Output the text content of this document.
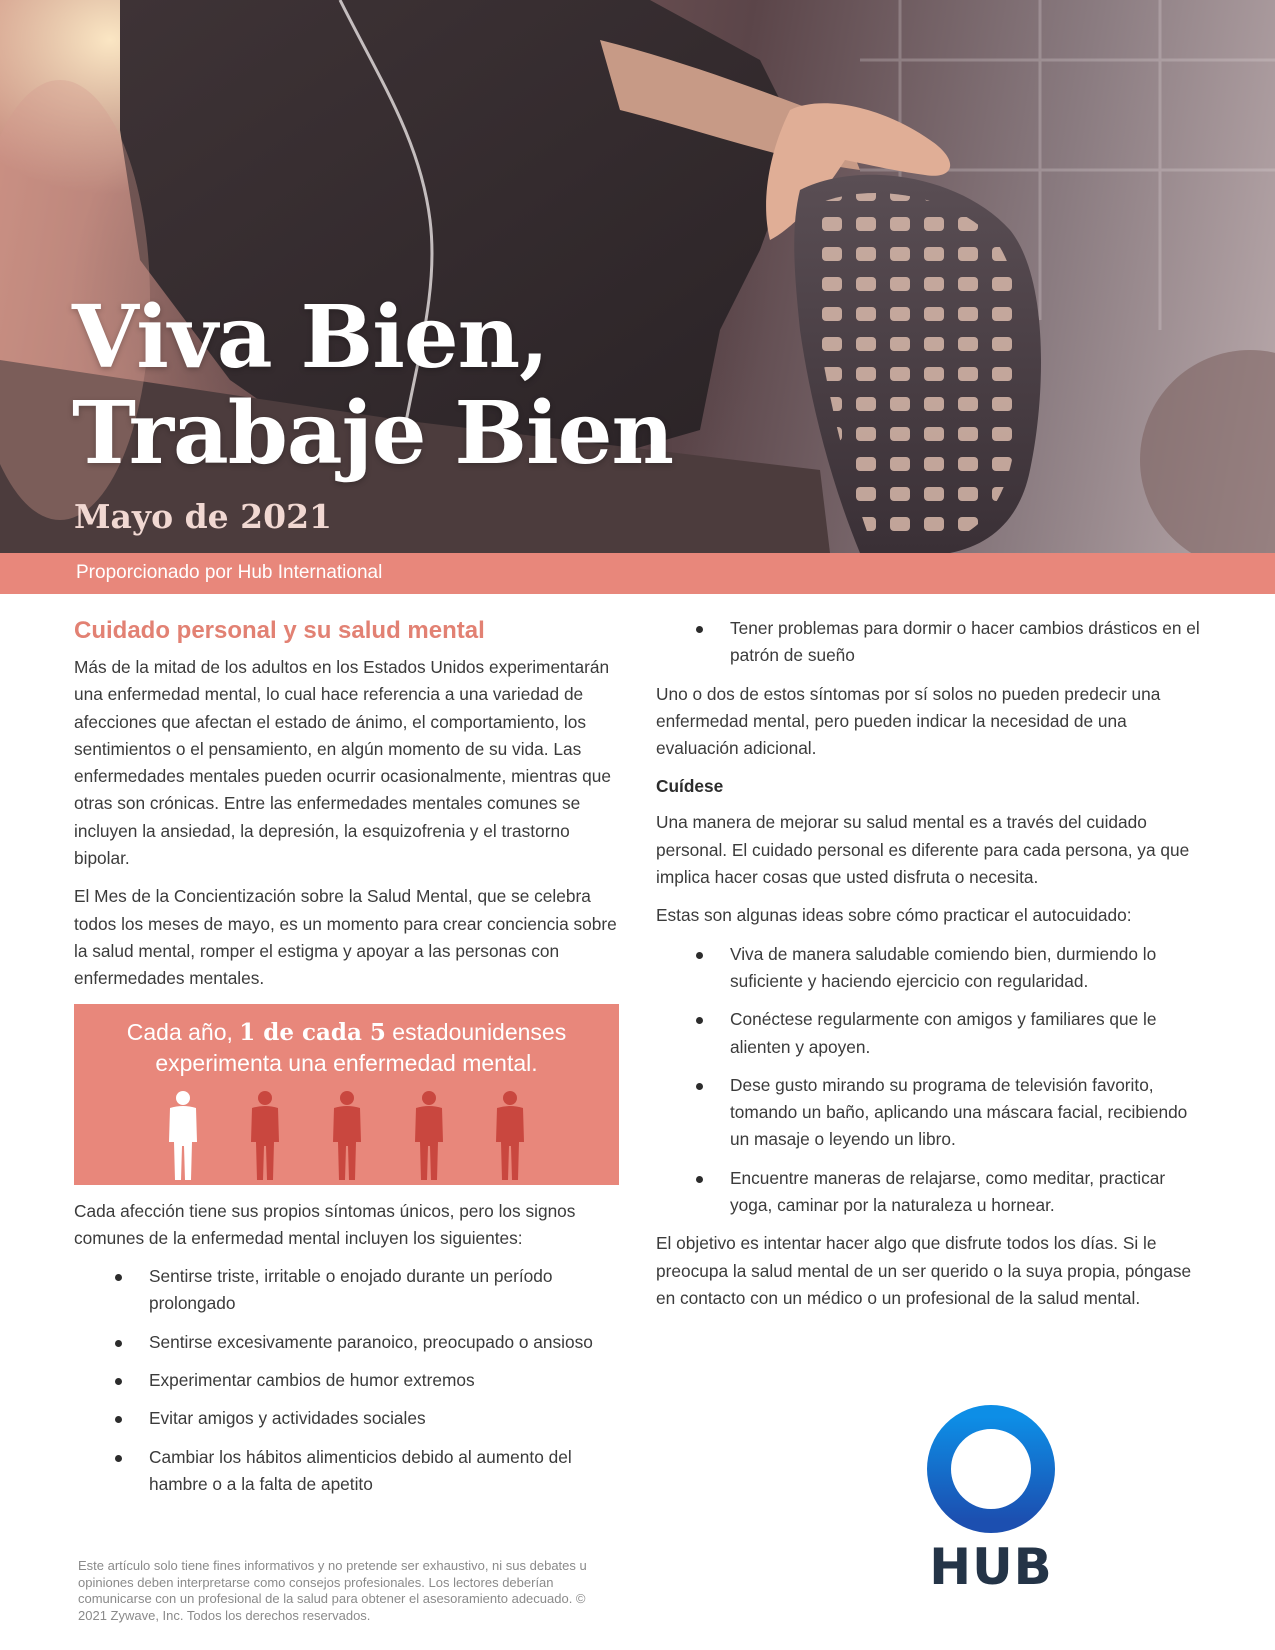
Viva Bien,
Trabaje Bien
Mayo de 2021
Proporcionado por Hub International
Cuidado personal y su salud mental

Más de la mitad de los adultos en los Estados Unidos experimentarán una enfermedad mental, lo cual hace referencia a una variedad de afecciones que afectan el estado de ánimo, el comportamiento, los sentimientos o el pensamiento, en algún momento de su vida. Las enfermedades mentales pueden ocurrir ocasionalmente, mientras que otras son crónicas. Entre las enfermedades mentales comunes se incluyen la ansiedad, la depresión, la esquizofrenia y el trastorno bipolar.

El Mes de la Concientización sobre la Salud Mental, que se celebra todos los meses de mayo, es un momento para crear conciencia sobre la salud mental, romper el estigma y apoyar a las personas con enfermedades mentales.

Cada año, 1 de cada 5 estadounidenses
experimenta una enfermedad mental.

Cada afección tiene sus propios síntomas únicos, pero los signos comunes de la enfermedad mental incluyen los siguientes:

Sentirse triste, irritable o enojado durante un período prolongado
Sentirse excesivamente paranoico, preocupado o ansioso
Experimentar cambios de humor extremos
Evitar amigos y actividades sociales
Cambiar los hábitos alimenticios debido al aumento del hambre o a la falta de apetito
Tener problemas para dormir o hacer cambios drásticos en el patrón de sueño

Uno o dos de estos síntomas por sí solos no pueden predecir una enfermedad mental, pero pueden indicar la necesidad de una evaluación adicional.

Cuídese

Una manera de mejorar su salud mental es a través del cuidado personal. El cuidado personal es diferente para cada persona, ya que implica hacer cosas que usted disfruta o necesita.

Estas son algunas ideas sobre cómo practicar el autocuidado:

Viva de manera saludable comiendo bien, durmiendo lo suficiente y haciendo ejercicio con regularidad.
Conéctese regularmente con amigos y familiares que le alienten y apoyen.
Dese gusto mirando su programa de televisión favorito, tomando un baño, aplicando una máscara facial, recibiendo un masaje o leyendo un libro.
Encuentre maneras de relajarse, como meditar, practicar yoga, caminar por la naturaleza u hornear.

El objetivo es intentar hacer algo que disfrute todos los días. Si le preocupa la salud mental de un ser querido o la suya propia, póngase en contacto con un médico o un profesional de la salud mental.

Este artículo solo tiene fines informativos y no pretende ser exhaustivo, ni sus debates u opiniones deben interpretarse como consejos profesionales. Los lectores deberían comunicarse con un profesional de la salud para obtener el asesoramiento adecuado. © 2021 Zywave, Inc. Todos los derechos reservados.
HUB
